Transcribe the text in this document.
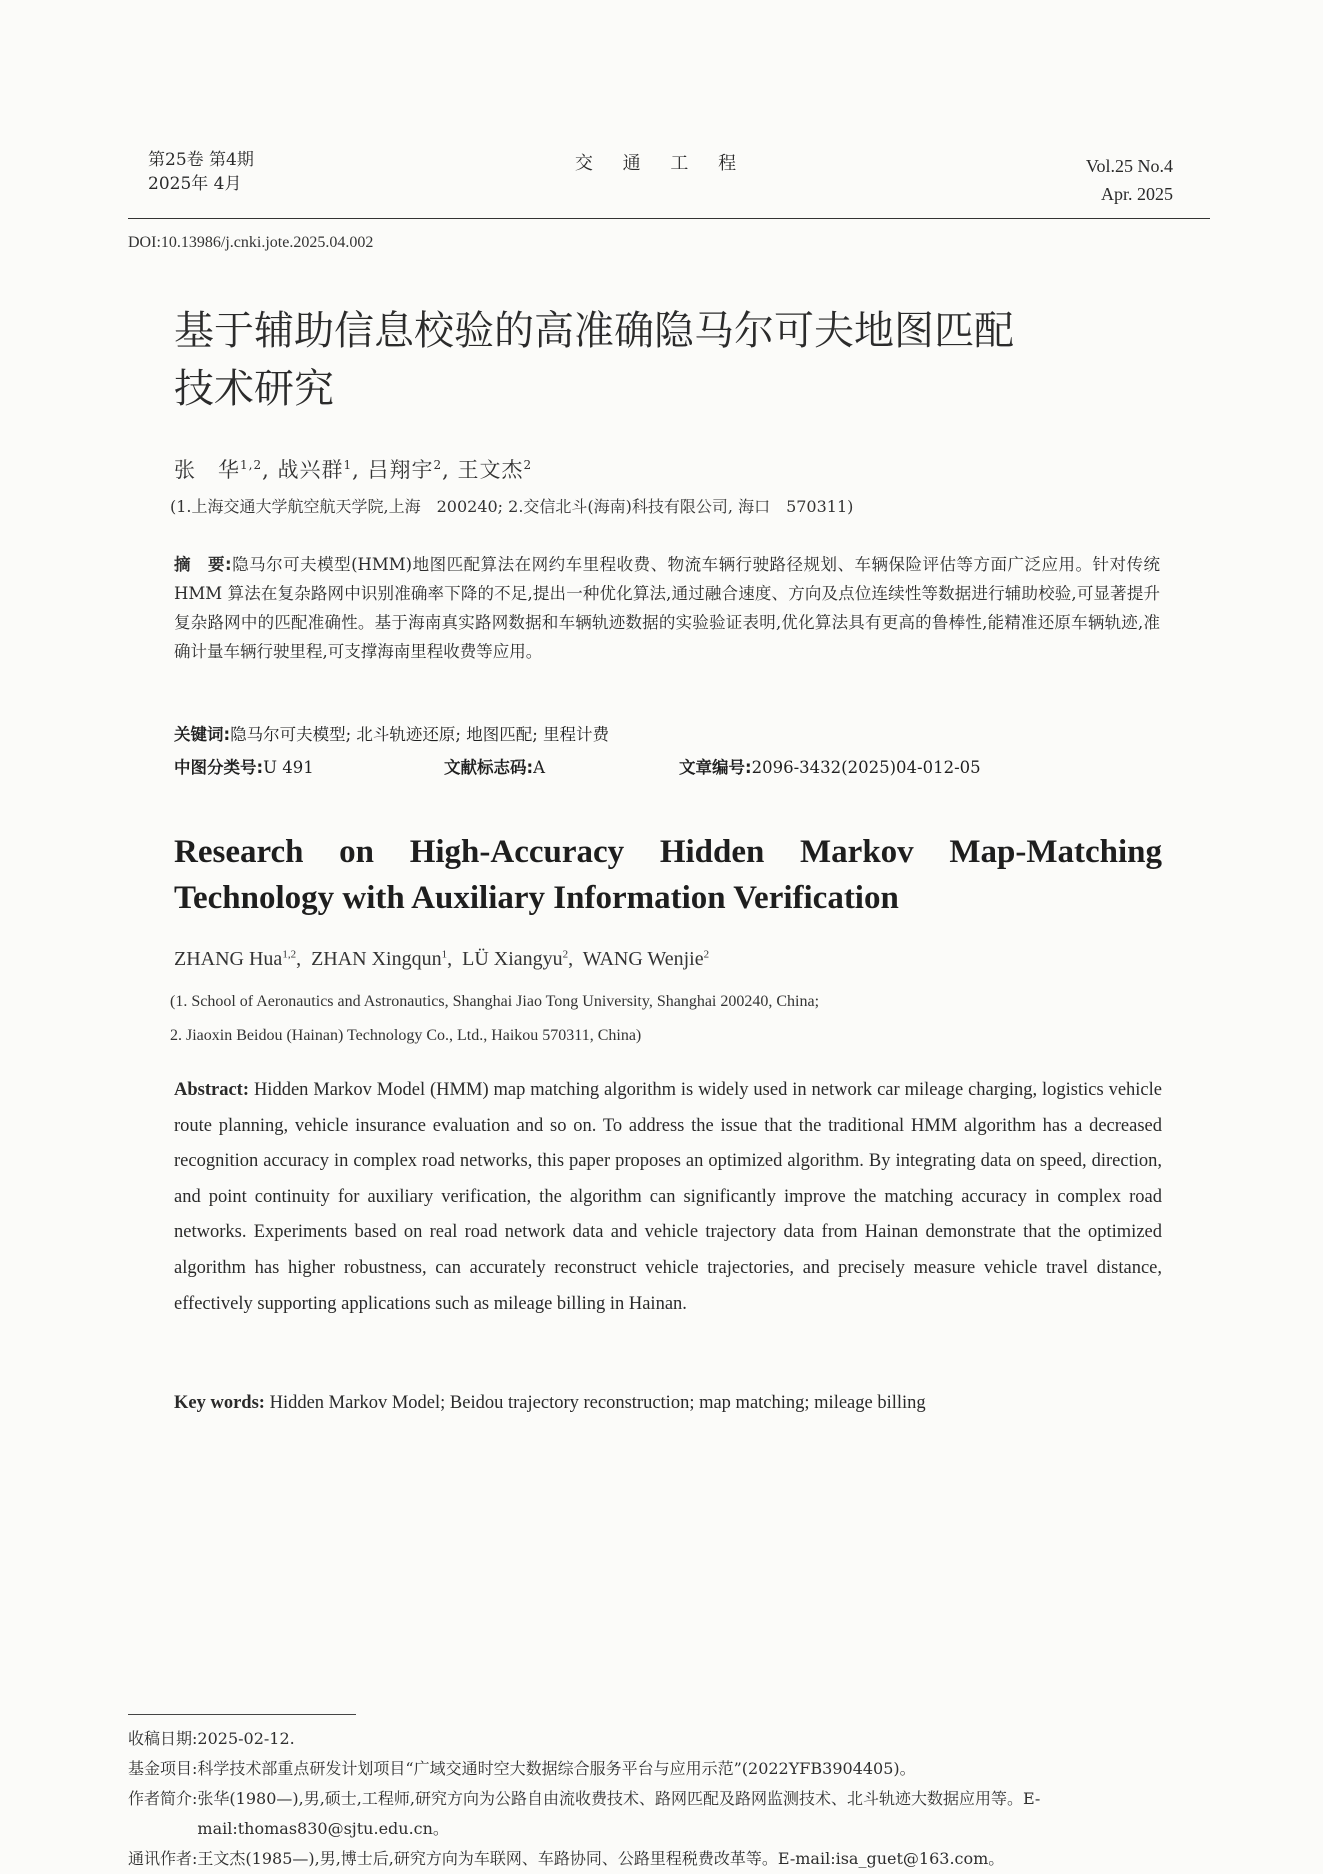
第25卷 第4期
2025年 4月
交 通 工 程	Vol.25 No.4
Apr. 2025
DOI:10.13986/j.cnki.jote.2025.04.002
基于辅助信息校验的高准确隐马尔可夫地图匹配
技术研究
张　华$^{1,2}$, 战兴群$^1$, 吕翔宇$^2$, 王文杰$^2$
(1.上海交通大学航空航天学院,上海　200240; 2.交信北斗(海南)科技有限公司, 海口　570311)
摘　要:隐马尔可夫模型(HMM)地图匹配算法在网约车里程收费、物流车辆行驶路径规划、车辆保险评估等方面广泛应用。针对传统 HMM 算法在复杂路网中识别准确率下降的不足,提出一种优化算法,通过融合速度、方向及点位连续性等数据进行辅助校验,可显著提升复杂路网中的匹配准确性。基于海南真实路网数据和车辆轨迹数据的实验验证表明,优化算法具有更高的鲁棒性,能精准还原车辆轨迹,准确计量车辆行驶里程,可支撑海南里程收费等应用。
关键词:隐马尔可夫模型; 北斗轨迹还原; 地图匹配; 里程计费
中图分类号:U 491	文献标志码:A	文章编号:2096-3432(2025)04-012-05
Research on High-Accuracy Hidden Markov Map-Matching
Technology with Auxiliary Information Verification
ZHANG Hua$^{1,2}$,  ZHAN Xingqun$^1$,  LÜ Xiangyu$^2$,  WANG Wenjie$^2$
(1. School of Aeronautics and Astronautics, Shanghai Jiao Tong University, Shanghai 200240, China;
2. Jiaoxin Beidou (Hainan) Technology Co., Ltd., Haikou 570311, China)
Abstract: Hidden Markov Model (HMM) map matching algorithm is widely used in network car mileage charging, logistics vehicle route planning, vehicle insurance evaluation and so on. To address the issue that the traditional HMM algorithm has a decreased recognition accuracy in complex road networks, this paper proposes an optimized algorithm. By integrating data on speed, direction, and point continuity for auxiliary verification, the algorithm can significantly improve the matching accuracy in complex road networks. Experiments based on real road network data and vehicle trajectory data from Hainan demonstrate that the optimized algorithm has higher robustness, can accurately reconstruct vehicle trajectories, and precisely measure vehicle travel distance, effectively supporting applications such as mileage billing in Hainan.
Key words: Hidden Markov Model; Beidou trajectory reconstruction; map matching; mileage billing
收稿日期: 2025-02-12.
基金项目: 科学技术部重点研发计划项目“广域交通时空大数据综合服务平台与应用示范”(2022YFB3904405)。
作者简介: 张华(1980—),男,硕士,工程师,研究方向为公路自由流收费技术、路网匹配及路网监测技术、北斗轨迹大数据应用等。E-mail:thomas830@sjtu.edu.cn。
通讯作者: 王文杰(1985—),男,博士后,研究方向为车联网、车路协同、公路里程税费改革等。E-mail:isa_guet@163.com。
